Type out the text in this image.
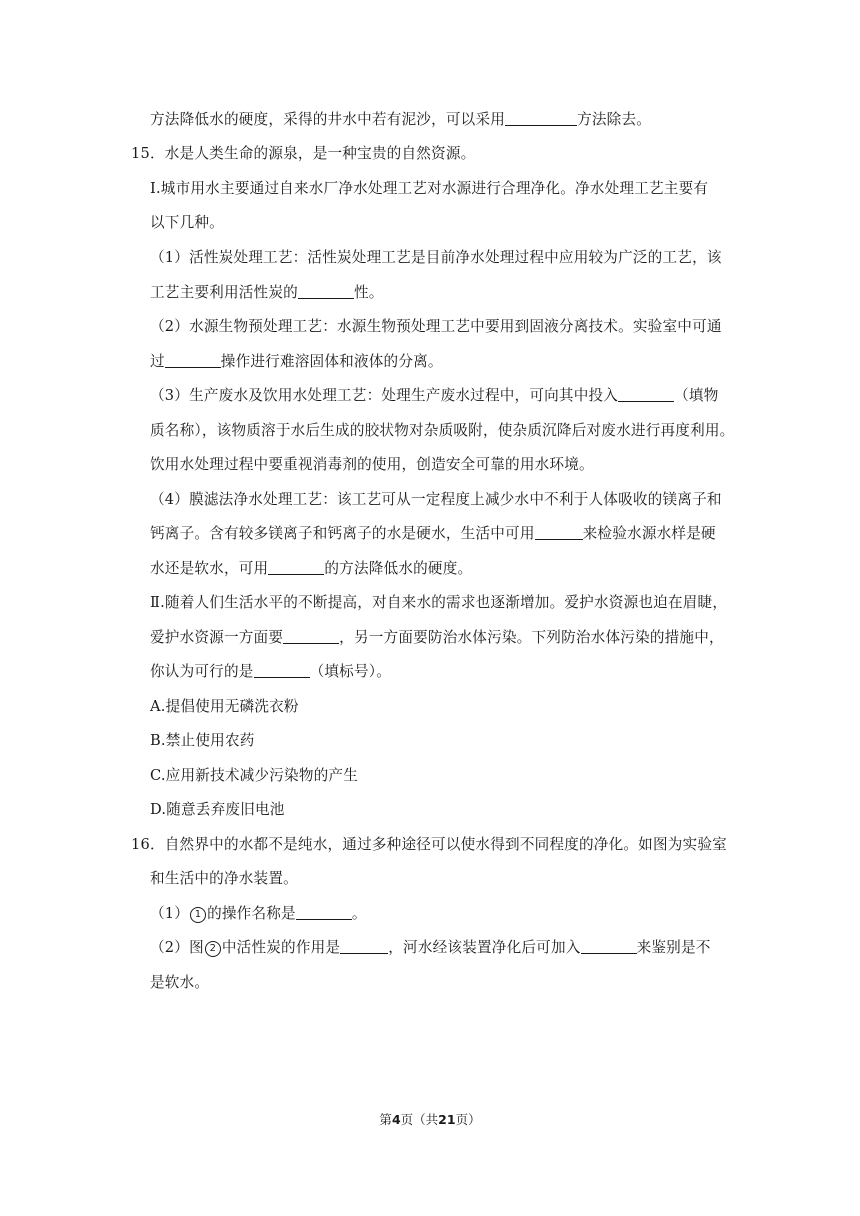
方法降低水的硬度，采得的井水中若有泥沙，可以采用	方法除去。
15．水是人类生命的源泉，是一种宝贵的自然资源。
Ⅰ.城市用水主要通过自来水厂净水处理工艺对水源进行合理净化。净水处理工艺主要有
以下几种。
（1）活性炭处理工艺：活性炭处理工艺是目前净水处理过程中应用较为广泛的工艺，该
工艺主要利用活性炭的	性。
（2）水源生物预处理工艺：水源生物预处理工艺中要用到固液分离技术。实验室中可通
过	操作进行难溶固体和液体的分离。
（3）生产废水及饮用水处理工艺：处理生产废水过程中，可向其中投入	（填物
质名称），该物质溶于水后生成的胶状物对杂质吸附，使杂质沉降后对废水进行再度利用。
饮用水处理过程中要重视消毒剂的使用，创造安全可靠的用水环境。
（4）膜滤法净水处理工艺：该工艺可从一定程度上减少水中不利于人体吸收的镁离子和
钙离子。含有较多镁离子和钙离子的水是硬水，生活中可用	来检验水源水样是硬
水还是软水，可用	的方法降低水的硬度。
Ⅱ.随着人们生活水平的不断提高，对自来水的需求也逐渐增加。爱护水资源也迫在眉睫，
爱护水资源一方面要	，另一方面要防治水体污染。下列防治水体污染的措施中，
你认为可行的是	（填标号）。
A.提倡使用无磷洗衣粉
B.禁止使用农药
C.应用新技术减少污染物的产生
D.随意丢弃废旧电池
16．自然界中的水都不是纯水，通过多种途径可以使水得到不同程度的净化。如图为实验室
和生活中的净水装置。
（1） 1 的操作名称是	。
（2）图 2 中活性炭的作用是	，河水经该装置净化后可加入	来鉴别是不
是软水。
第4页（共21页）
